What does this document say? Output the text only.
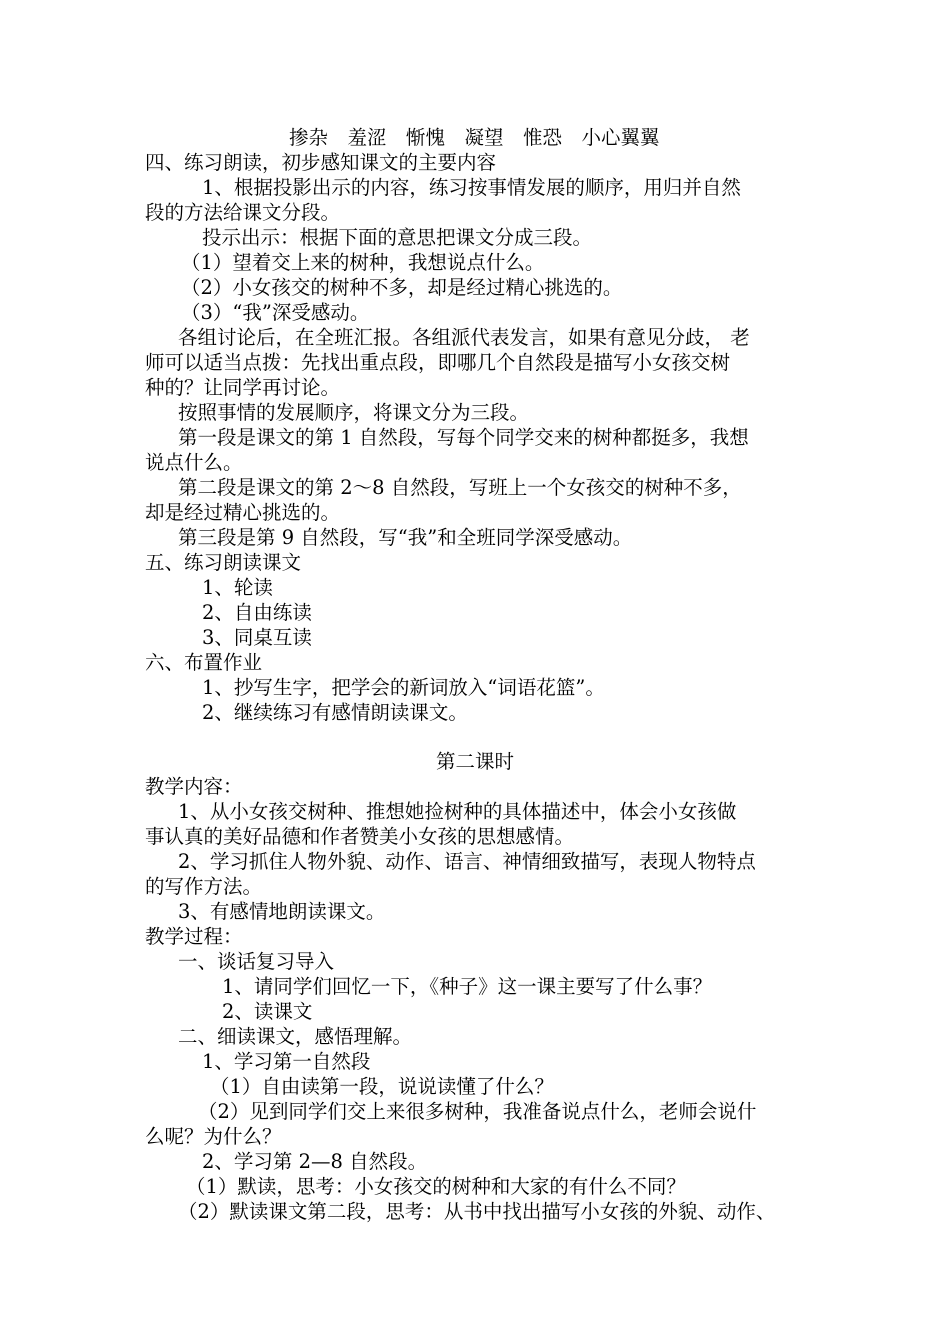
掺杂　羞涩　惭愧　凝望　惟恐　小心翼翼
四、练习朗读，初步感知课文的主要内容
1、根据投影出示的内容，练习按事情发展的顺序，用归并自然
段的方法给课文分段。
投示出示：根据下面的意思把课文分成三段。
（1）望着交上来的树种，我想说点什么。
（2）小女孩交的树种不多，却是经过精心挑选的。
（3）“我”深受感动。
各组讨论后，在全班汇报。各组派代表发言，如果有意见分歧， 老
师可以适当点拨：先找出重点段，即哪几个自然段是描写小女孩交树
种的？让同学再讨论。
按照事情的发展顺序，将课文分为三段。
第一段是课文的第 1 自然段，写每个同学交来的树种都挺多，我想
说点什么。
第二段是课文的第 2～8 自然段，写班上一个女孩交的树种不多，
却是经过精心挑选的。
第三段是第 9 自然段，写“我”和全班同学深受感动。
五、练习朗读课文
1、轮读
2、自由练读
3、同桌互读
六、布置作业
1、抄写生字，把学会的新词放入“词语花篮”。
2、继续练习有感情朗读课文。
第二课时
教学内容：
1、从小女孩交树种、推想她捡树种的具体描述中，体会小女孩做
事认真的美好品德和作者赞美小女孩的思想感情。
2、学习抓住人物外貌、动作、语言、神情细致描写，表现人物特点
的写作方法。
3、有感情地朗读课文。
教学过程：
一、谈话复习导入
1、请同学们回忆一下，《种子》这一课主要写了什么事？
2、读课文
二、细读课文，感悟理解。
1、学习第一自然段
（1）自由读第一段，说说读懂了什么？
（2）见到同学们交上来很多树种，我准备说点什么，老师会说什
么呢？为什么？
2、学习第 2—8 自然段。
（1）默读，思考：小女孩交的树种和大家的有什么不同？
（2）默读课文第二段，思考：从书中找出描写小女孩的外貌、动作、
